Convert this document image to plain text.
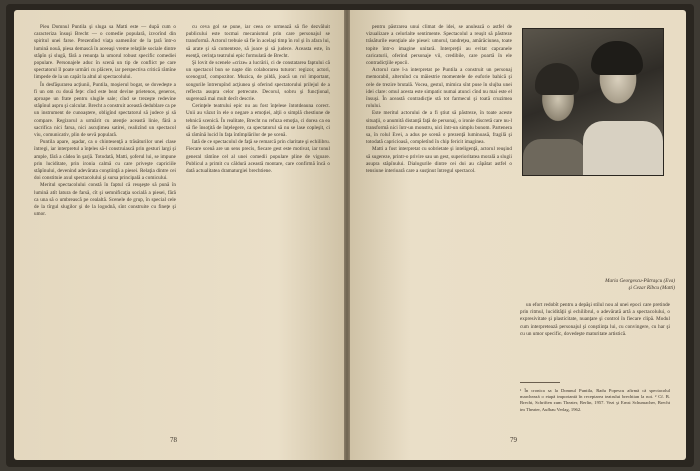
Pieu Domnul Puntila şi sluga sa Matti este — după cum o caracteriza însuşi Brecht — o comedie populară, izvorînd din spiritul unei farse. Prezentînd viaţa oamenilor de la ţară într-o lumină nouă, piesa demască în aceeaşi vreme relaţiile sociale dintre stăpîn şi slugă, fără a renunţa la umorul robust specific comediei populare. Personajele aduc în scenă un tip de conflict pe care spectatorul îl poate urmări cu plăcere, iar perspectiva critică rămîne limpede de la un capăt la altul al spectacolului.

În desfăşurarea acţiunii, Puntila, moşierul bogat, se dovedeşte a fi un om cu două feţe: cînd este beat devine prietenos, generos, aproape un frate pentru slugile sale; cînd se trezeşte redevine stăpînul aspru şi calculat. Brecht a construit această dedublare ca pe un instrument de cunoaştere, obligînd spectatorul să judece şi să compare. Regizorul a urmărit cu atenţie această linie, fără a sacrifica nici farsa, nici ascuţimea satirei, realizînd un spectacol viu, comunicativ, plin de sevă populară.

Puntila apare, aşadar, ca o chintesenţă a trăsăturilor unei clase întregi, iar interpretul a înţeles să-l construiască prin gesturi largi şi ample, fără a cădea în şarjă. Totodată, Matti, şoferul lui, se impune prin luciditate, prin ironia calmă cu care priveşte capriciile stăpînului, devenind adevărata conştiinţă a piesei. Relaţia dintre cei doi constituie axul spectacolului şi sursa principală a comicului.

Meritul spectacolului constă în faptul că reuşeşte să pună în lumină atît latura de farsă, cît şi semnificaţia socială a piesei, fără ca una să o umbrească pe cealaltă. Scenele de grup, în special cele de la tîrgul slugilor şi de la logodnă, sînt construite cu fineţe şi umor.

cu ceva gol se pune, iar ceea ce urmează să fie dezvăluit publicului este tocmai mecanismul prin care personajul se transformă. Actorul trebuie să fie în acelaşi timp în rol şi în afara lui, să arate şi să comenteze, să joace şi să judece. Aceasta este, în esenţă, cerinţa teatrului epic formulată de Brecht.

Şi lovit de scenele «crize» a lucrării, ci de constatarea faptului că un spectacol bun se naşte din colaborarea tuturor: regizor, actori, scenograf, compozitor. Muzica, de pildă, joacă un rol important, songurile întrerupînd acţiunea şi oferind spectatorului prilejul de a reflecta asupra celor petrecute. Decorul, sobru şi funcţional, sugerează mai mult decît descrie.

Cerinţele teatrului epic nu au fost înţelese întotdeauna corect. Unii au văzut în ele o negare a emoţiei, alţii o simplă chestiune de tehnică scenică. În realitate, Brecht nu refuza emoţia, ci dorea ca ea să fie însoţită de înţelegere, ca spectatorul să nu se lase copleşit, ci să rămînă lucid în faţa întîmplărilor de pe scenă.

Iată de ce spectacolul de faţă se remarcă prin claritate şi echilibru. Fiecare scenă are un sens precis, fiecare gest este motivat, iar tonul general rămîne cel al unei comedii populare pline de vigoare. Publicul a primit cu căldură această montare, care confirmă încă o dată actualitatea dramaturgiei brechtiene.

78

pentru păstrarea unui climat de idei, se anulează o astfel de vizualizare a celorlalte sentimente. Spectacolul a reuşit să păstreze trăsăturile esenţiale ale piesei: umorul, tandreţea, amărăciunea, toate topite într-o imagine unitară. Interpreţii au evitat capcanele caricaturii, oferind personaje vii, credibile, care poartă în ele contradicţiile epocii.

Actorul care l-a interpretat pe Puntila a construit un personaj memorabil, alternînd cu măiestrie momentele de euforie bahică şi cele de trezire brutală. Vocea, gestul, mimica sînt puse în slujba unei idei clare: omul acesta este simpatic numai atunci cînd nu mai este el însuşi. În această contradicţie stă tot farmecul şi toată cruzimea rolului.

Este meritul actorului de a fi ştiut să păstreze, în toate aceste situaţii, o anumită distanţă faţă de personaj, o ironie discretă care nu-l transformă nici într-un monstru, nici într-un simplu bonom. Partenera sa, în rolul Evei, a adus pe scenă o prezenţă luminoasă, fragilă şi totodată capricioasă, completînd în chip fericit imaginea.

Matti a fost interpretat cu sobrietate şi inteligenţă, actorul reuşind să sugereze, printr-o privire sau un gest, superioritatea morală a slugii asupra stăpînului. Dialogurile dintre cei doi au căpătat astfel o tensiune interioară care a susţinut întregul spectacol.

Maria Georgescu-Pătraşcu (Eva) şi Cezar Rîbcu (Matti)

un efort redobît pentru a depăşi stilul nou al unei epoci care pretinde prin ritmul, lucidităţii şi echilibrul, o adevărată artă a spectacolului, o expresivitate şi plasticitate, nuanţare şi control în fiecare clipă. Modul cum interpretează personajul şi conştiinţa lui, cu convingere, cu har şi cu un umor specific, dovedeşte maturitate artistică.

¹ În cronica sa la Domnul Puntila, Radu Popescu afirmă că spectacolul marchează o etapă importantă în receptarea teatrului brechtian la noi. ² Cf. B. Brecht, Schriften zum Theater, Berlin, 1957. Vezi şi Ernst Schumacher, Brecht im Theater, Aufbau Verlag, 1962.
79
